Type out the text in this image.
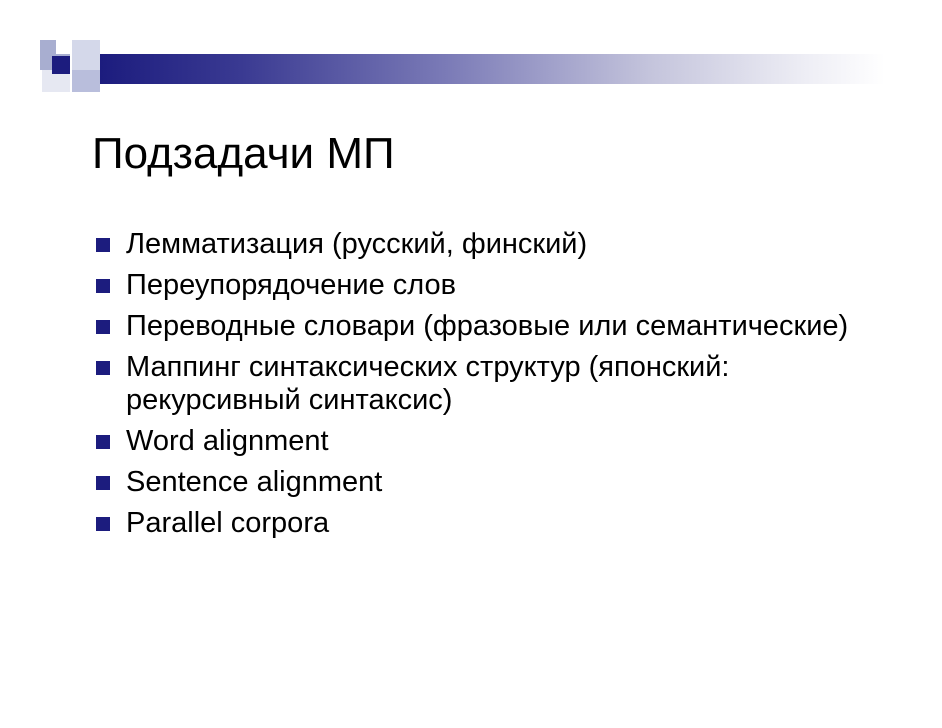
Подзадачи МП
Лемматизация (русский, финский)
Переупорядочение слов
Переводные словари (фразовые или семантические)
Маппинг синтаксических структур (японский: рекурсивный синтаксис)
Word alignment
Sentence alignment
Parallel corpora
